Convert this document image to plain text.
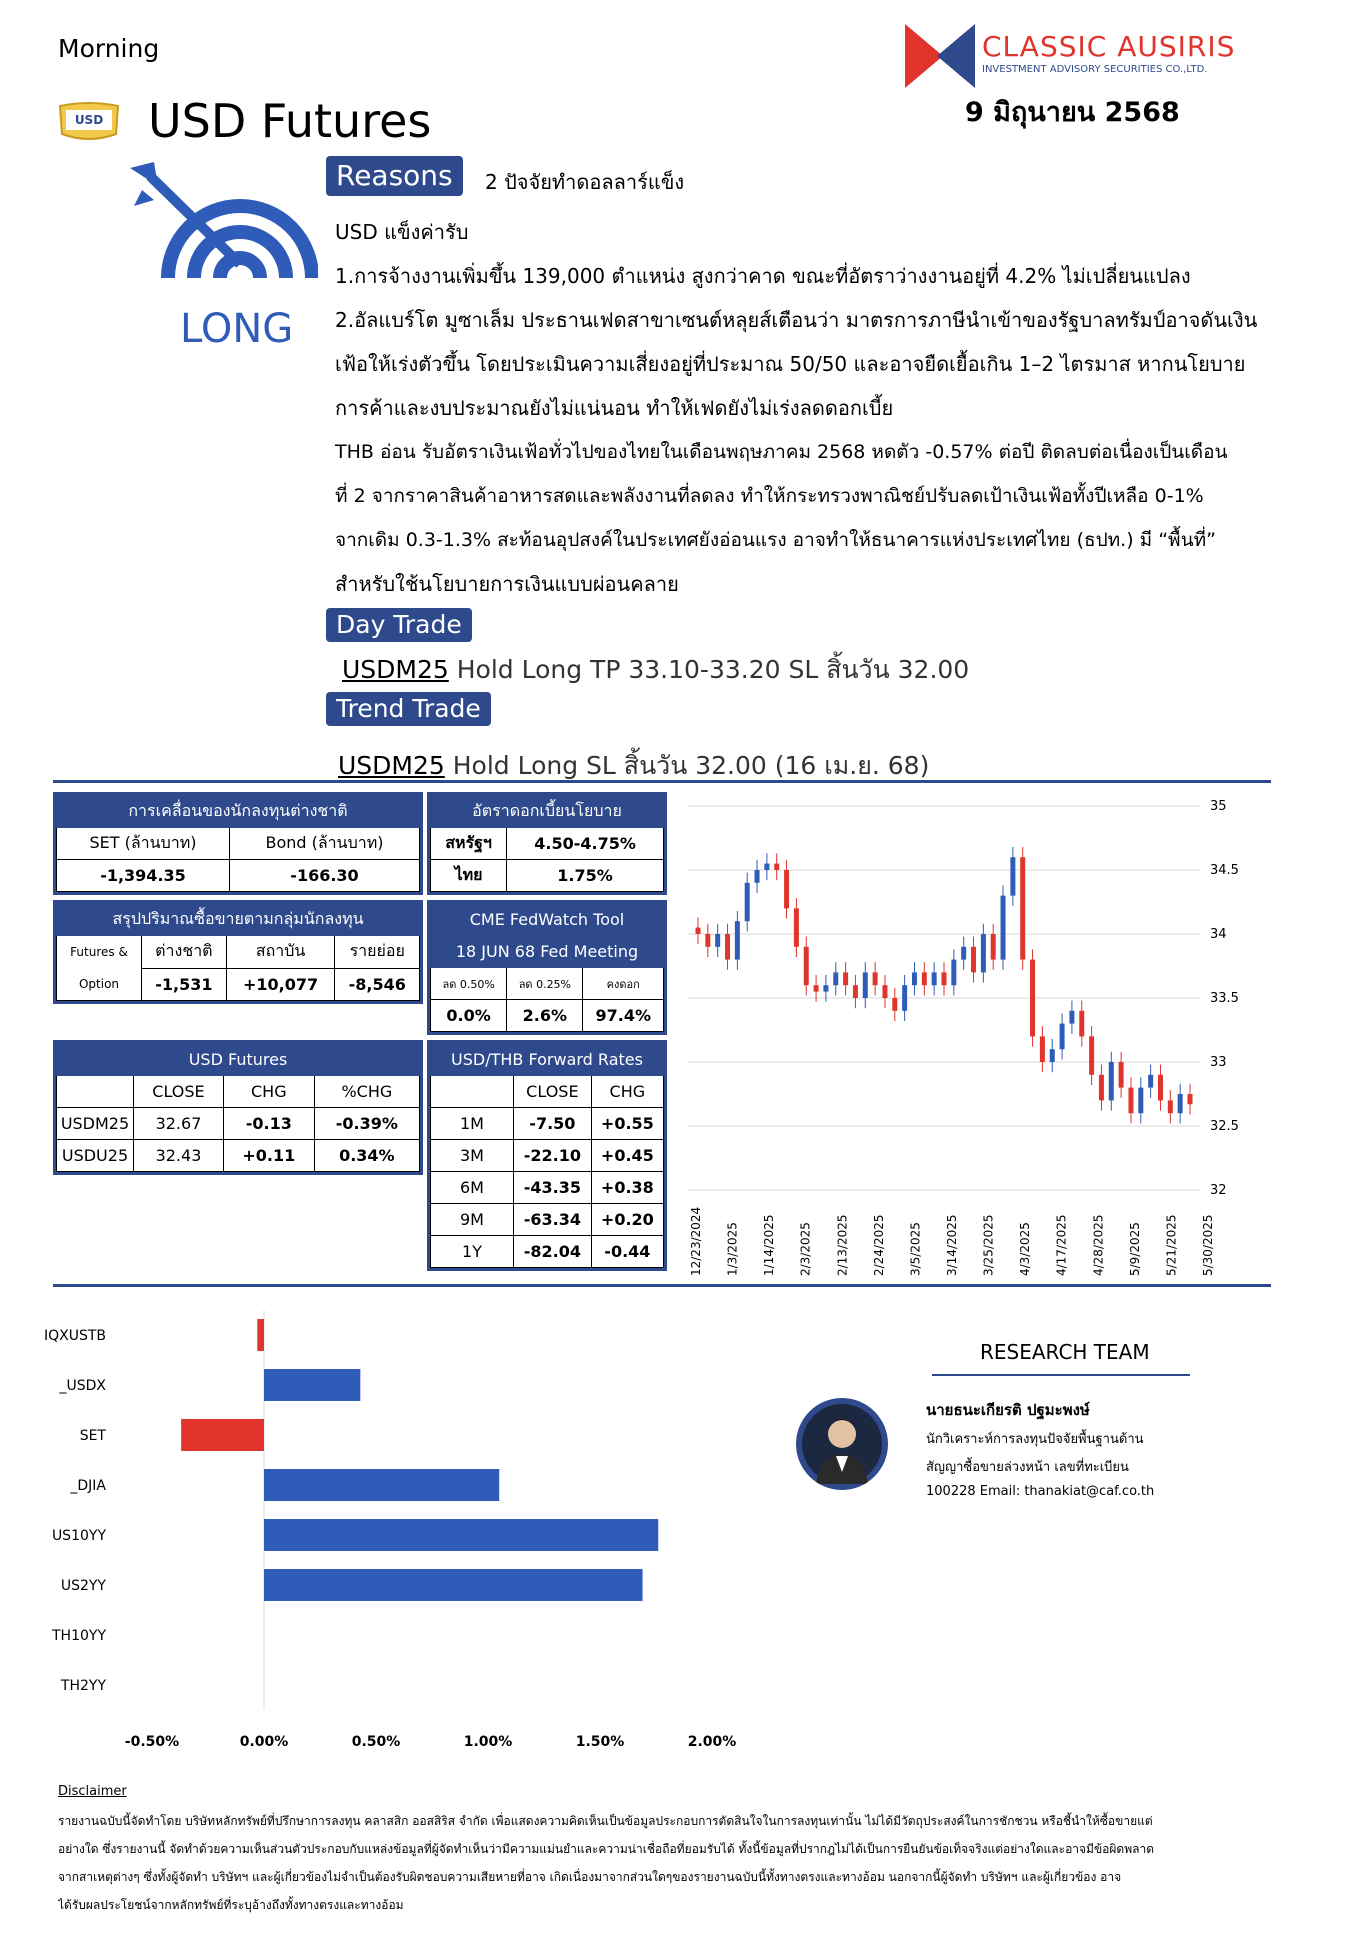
Morning
USD USD Futures
CLASSIC AUSIRIS
INVESTMENT ADVISORY SECURITIES CO.,LTD.
9 มิถุนายน 2568
LONG
Reasons	2 ปัจจัยทำดอลลาร์แข็ง
USD แข็งค่ารับ
1.การจ้างงานเพิ่มขึ้น 139,000 ตำแหน่ง สูงกว่าคาด ขณะที่อัตราว่างงานอยู่ที่ 4.2% ไม่เปลี่ยนแปลง
2.อัลแบร์โต มูซาเล็ม ประธานเฟดสาขาเซนต์หลุยส์เตือนว่า มาตรการภาษีนำเข้าของรัฐบาลทรัมป์อาจดันเงิน
เฟ้อให้เร่งตัวขึ้น โดยประเมินความเสี่ยงอยู่ที่ประมาณ 50/50 และอาจยืดเยื้อเกิน 1–2 ไตรมาส หากนโยบาย
การค้าและงบประมาณยังไม่แน่นอน ทำให้เฟดยังไม่เร่งลดดอกเบี้ย
THB อ่อน รับอัตราเงินเฟ้อทั่วไปของไทยในเดือนพฤษภาคม 2568 หดตัว -0.57% ต่อปี ติดลบต่อเนื่องเป็นเดือน
ที่ 2 จากราคาสินค้าอาหารสดและพลังงานที่ลดลง ทำให้กระทรวงพาณิชย์ปรับลดเป้าเงินเฟ้อทั้งปีเหลือ 0-1%
จากเดิม 0.3-1.3% สะท้อนอุปสงค์ในประเทศยังอ่อนแรง อาจทำให้ธนาคารแห่งประเทศไทย (ธปท.) มี “พื้นที่”
สำหรับใช้นโยบายการเงินแบบผ่อนคลาย
Day Trade
USDM25 Hold Long TP 33.10-33.20 SL สิ้นวัน 32.00
Trend Trade
USDM25 Hold Long SL สิ้นวัน 32.00 (16 เม.ย. 68)
การเคลื่อนของนักลงทุนต่างชาติ	
SET (ล้านบาท)	Bond (ล้านบาท)
-1,394.35	-166.30
อัตราดอกเบี้ยนโยบาย	
สหรัฐฯ	4.50-4.75%
ไทย	1.75%
สรุปปริมาณซื้อขายตามกลุ่มนักลงทุน			
Futures &
Option	ต่างชาติ	สถาบัน	รายย่อย
	-1,531	+10,077	-8,546
CME FedWatch Tool		
18 JUN 68 Fed Meeting		
ลด 0.50%	ลด 0.25%	คงดอก
0.0%	2.6%	97.4%
USD Futures			
	CLOSE	CHG	%CHG
USDM25	32.67	-0.13	-0.39%
USDU25	32.43	+0.11	0.34%
USD/THB Forward Rates		
	CLOSE	CHG
1M	-7.50	+0.55
3M	-22.10	+0.45
6M	-43.35	+0.38
9M	-63.34	+0.20
1Y	-82.04	-0.44
35
34.5
34
33.5
33
32.5
32
12/23/2024 1/3/2025 1/14/2025 2/3/2025 2/13/2025 2/24/2025 3/5/2025 3/14/2025 3/25/2025 4/3/2025 4/17/2025 4/28/2025 5/9/2025 5/21/2025 5/30/2025
IQXUSTB
_USDX
SET
_DJIA
US10YY
US2YY
TH10YY
TH2YY
-0.50%	0.00%	0.50%	1.00%	1.50%	2.00%
RESEARCH TEAM
นายธนะเกียรติ ปฐมะพงษ์
นักวิเคราะห์การลงทุนปัจจัยพื้นฐานด้าน
สัญญาซื้อขายล่วงหน้า เลขที่ทะเบียน
100228 Email: thanakiat@caf.co.th
Disclaimer
รายงานฉบับนี้จัดทำโดย บริษัทหลักทรัพย์ที่ปรึกษาการลงทุน คลาสสิก ออสสิริส จำกัด เพื่อแสดงความคิดเห็นเป็นข้อมูลประกอบการตัดสินใจในการลงทุนเท่านั้น ไม่ได้มีวัตถุประสงค์ในการชักชวน หรือชี้นำให้ซื้อขายแต่
อย่างใด ซึ่งรายงานนี้ จัดทำด้วยความเห็นส่วนตัวประกอบกับแหล่งข้อมูลที่ผู้จัดทำเห็นว่ามีความแม่นยำและความน่าเชื่อถือที่ยอมรับได้ ทั้งนี้ข้อมูลที่ปรากฎไม่ได้เป็นการยืนยันข้อเท็จจริงแต่อย่างใดและอาจมีข้อผิดพลาด
จากสาเหตุต่างๆ ซึ่งทั้งผู้จัดทำ บริษัทฯ และผู้เกี่ยวข้องไม่จำเป็นต้องรับผิดชอบความเสียหายที่อาจ เกิดเนื่องมาจากส่วนใดๆของรายงานฉบับนี้ทั้งทางตรงและทางอ้อม นอกจากนี้ผู้จัดทำ บริษัทฯ และผู้เกี่ยวข้อง อาจ
ได้รับผลประโยชน์จากหลักทรัพย์ที่ระบุอ้างถึงทั้งทางตรงและทางอ้อม
